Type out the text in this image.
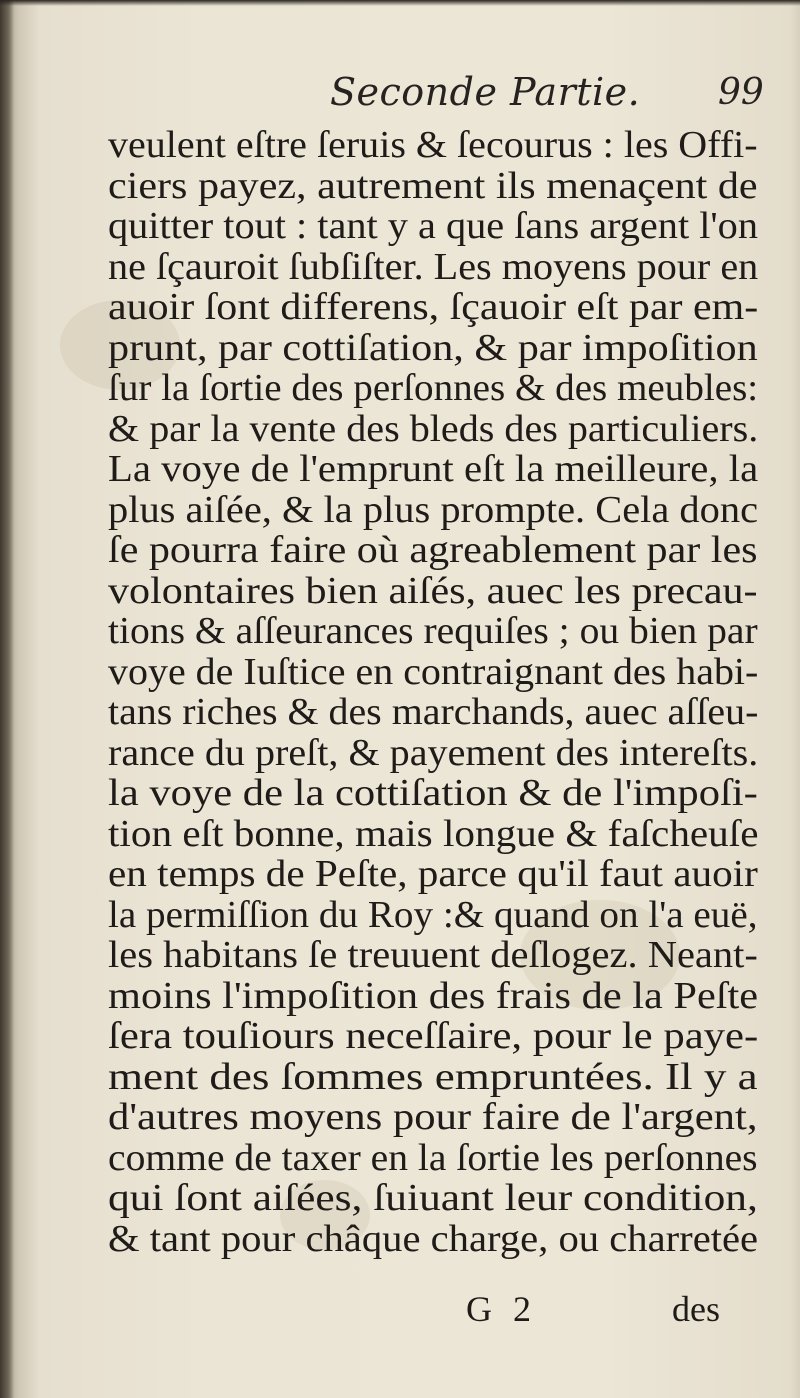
Seconde Partie. 99
veulent eſtre ſeruis & ſecourus : les Offi-
ciers payez, autrement ils menaçent de
quitter tout : tant y a que ſans argent l'on
ne ſçauroit ſubſiſter. Les moyens pour en
auoir ſont differens, ſçauoir eſt par em-
prunt, par cottiſation, & par impoſition
ſur la ſortie des perſonnes & des meubles:
& par la vente des bleds des particuliers.
La voye de l'emprunt eſt la meilleure, la
plus aiſée, & la plus prompte. Cela donc
ſe pourra faire où agreablement par les
volontaires bien aiſés, auec les precau-
tions & aſſeurances requiſes ; ou bien par
voye de Iuſtice en contraignant des habi-
tans riches & des marchands, auec aſſeu-
rance du preſt, & payement des intereſts.
la voye de la cottiſation & de l'impoſi-
tion eſt bonne, mais longue & faſcheuſe
en temps de Peſte, parce qu'il faut auoir
la permiſſion du Roy :& quand on l'a euë,
les habitans ſe treuuent deſlogez. Neant-
moins l'impoſition des frais de la Peſte
ſera touſiours neceſſaire, pour le paye-
ment des ſommes empruntées. Il y a
d'autres moyens pour faire de l'argent,
comme de taxer en la ſortie les perſonnes
qui ſont aiſées, ſuiuant leur condition,
& tant pour châque charge, ou charretée
G 2	des
